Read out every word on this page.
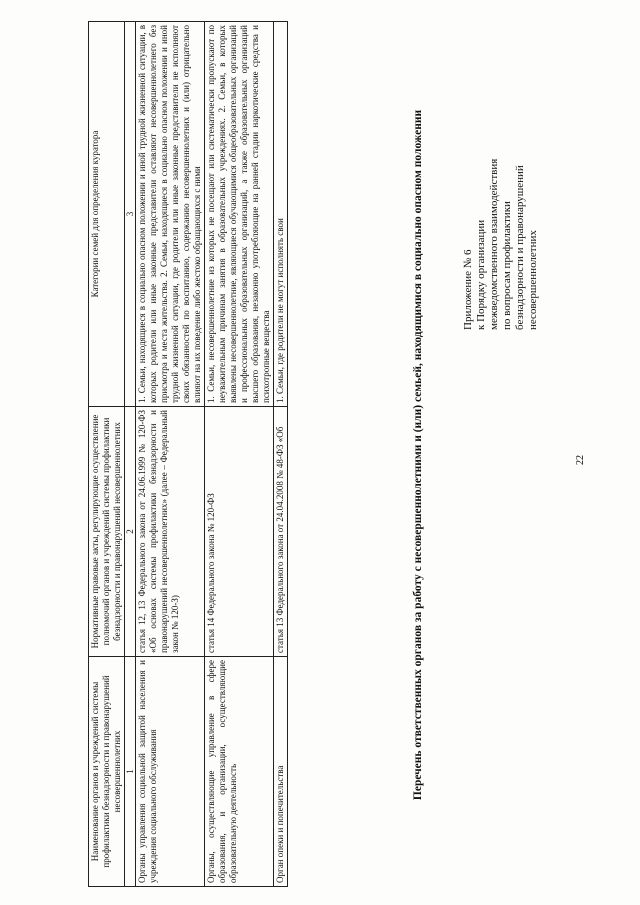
22
Приложение № 6 к Порядку организации межведомственного взаимодействия по вопросам профилактики безнадзорности и правонарушений несовершеннолетних
Перечень ответственных органов за работу с несовершеннолетними и (или) семьей, находящимися в социально опасном положении
Наименование органов и учреждений системы профилактики безнадзорности и правонарушений несовершеннолетних	Нормативные правовые акты, регулирующие осуществление полномочий органов и учреждений системы профилактики безнадзорности и правонарушений несовершеннолетних	Категории семей для определения куратора
1	2	3
Органы управления социальной защитой населения и учреждения социального обслуживания	статья 12, 13 Федерального закона от 24.06.1999 № 120-ФЗ «Об основах системы профилактики безнадзорности и правонарушений несовершеннолетних» (далее – Федеральный закон № 120-З)	1. Семьи, находящиеся в социально опасном положении и иной трудной жизненной ситуации, в которых родители или иные законные представители оставляют несовершеннолетнего без присмотра и места жительства. 2. Семьи, находящиеся в социально опасном положении и иной трудной жизненной ситуации, где родители или иные законные представители не исполняют своих обязанностей по воспитанию, содержанию несовершеннолетних и (или) отрицательно влияют на их поведение либо жестоко обращающихся с ними
Органы, осуществляющие управление в сфере образования, и организации, осуществляющие образовательную деятельность	статья 14 Федерального закона № 120-ФЗ	1. Семьи, несовершеннолетние из которых не посещают или систематически пропускают по неуважительным причинам занятия в образовательных учреждениях. 2. Семьи, в которых выявлены несовершеннолетние, являющиеся обучающимися общеобразовательных организаций и профессиональных образовательных организаций, а также образовательных организаций высшего образования, незаконно употребляющие на ранней стадии наркотические средства и психотропные вещества
Орган опеки и попечительства	статья 13 Федерального закона от 24.04.2008 № 48-ФЗ «Об	1. Семьи, где родители не могут исполнять свои
